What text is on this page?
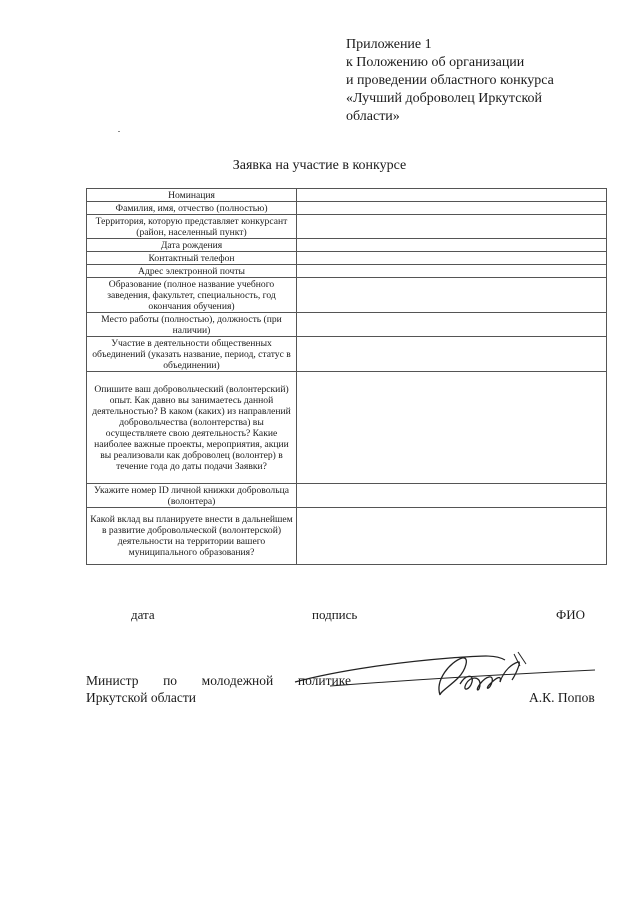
Приложение 1
к Положению об организации
и проведении областного конкурса
«Лучший доброволец Иркутской
области»
Заявка на участие в конкурсе
Номинация	
Фамилия, имя, отчество (полностью)	
Территория, которую представляет конкурсант (район, населенный пункт)	
Дата рождения	
Контактный телефон	
Адрес электронной почты	
Образование (полное название учебного заведения, факультет, специальность, год окончания обучения)	
Место работы (полностью), должность (при наличии)	
Участие в деятельности общественных объединений (указать название, период, статус в объединении)	
Опишите ваш добровольческий (волонтерский) опыт. Как давно вы занимаетесь данной деятельностью? В каком (каких) из направлений добровольчества (волонтерства) вы осуществляете свою деятельность? Какие наиболее важные проекты, мероприятия, акции вы реализовали как доброволец (волонтер) в течение года до даты подачи Заявки?	
Укажите номер ID личной книжки добровольца (волонтера)	
Какой вклад вы планируете внести в дальнейшем в развитие добровольческой (волонтерской) деятельности на территории вашего муниципального образования?	
дата	подпись	ФИО
Министр по молодежной политике
Иркутской области	А.К. Попов
